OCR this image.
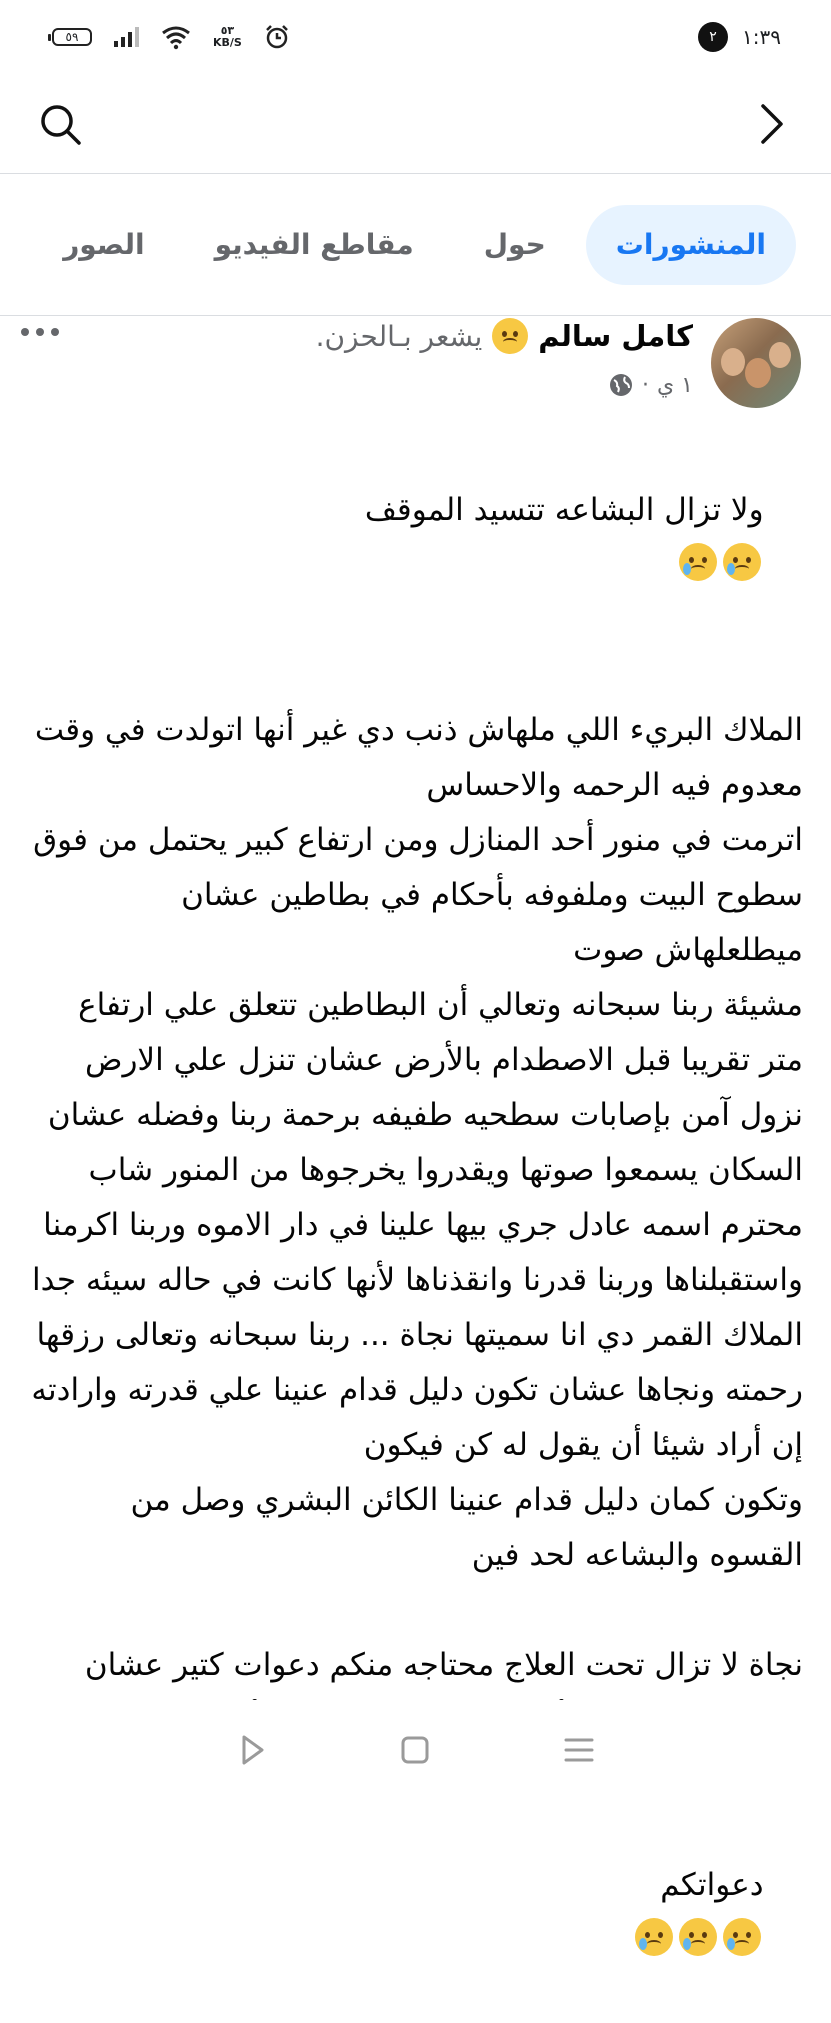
٥٩	٥٣
KB/S	٢	١:٣٩
المنشورات
حول
مقاطع الفيديو
الصور
كامل سالم
يشعر بـالحزن.
١ ي
·

ولا تزال البشاعه تتسيد الموقف

الملاك البريء اللي ملهاش ذنب دي غير أنها اتولدت في وقت معدوم فيه الرحمه والاحساس
اترمت في منور أحد المنازل ومن ارتفاع كبير يحتمل من فوق سطوح البيت وملفوفه بأحكام في بطاطين عشان ميطلعلهاش صوت
مشيئة ربنا سبحانه وتعالي أن البطاطين تتعلق علي ارتفاع متر تقريبا قبل الاصطدام بالأرض عشان تنزل علي الارض نزول آمن بإصابات سطحيه طفيفه برحمة ربنا وفضله عشان السكان يسمعوا صوتها ويقدروا يخرجوها من المنور شاب محترم اسمه عادل جري بيها علينا في دار الاموه وربنا اكرمنا واستقبلناها وربنا قدرنا وانقذناها لأنها كانت في حاله سيئه جدا
الملاك القمر دي انا سميتها نجاة ... ربنا سبحانه وتعالى رزقها رحمته ونجاها عشان تكون دليل قدام عنينا علي قدرته وارادته إن أراد شيئا أن يقول له كن فيكون
وتكون كمان دليل قدام عنينا الكائن البشري وصل من القسوه والبشاعه لحد فين

نجاة لا تزال تحت العلاج محتاجه منكم دعوات كتير عشان

دعواتكم
